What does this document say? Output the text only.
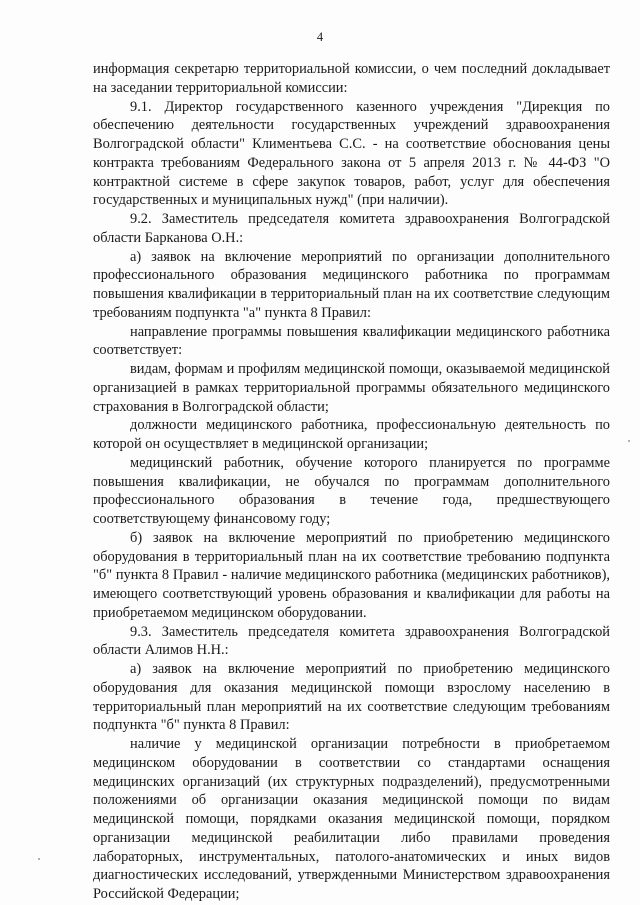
4

информация секретарю территориальной комиссии, о чем последний докладывает на заседании территориальной комиссии:

9.1. Директор государственного казенного учреждения "Дирекция по обеспечению деятельности государственных учреждений здравоохранения Волгоградской области" Климентьева С.С. - на соответствие обоснования цены контракта требованиям Федерального закона от 5 апреля 2013 г. № 44-ФЗ "О контрактной системе в сфере закупок товаров, работ, услуг для обеспечения государственных и муниципальных нужд" (при наличии).

9.2. Заместитель председателя комитета здравоохранения Волгоградской области Барканова О.Н.:

а) заявок на включение мероприятий по организации дополнительного профессионального образования медицинского работника по программам повышения квалификации в территориальный план на их соответствие следующим требованиям подпункта "а" пункта 8 Правил:

направление программы повышения квалификации медицинского работника соответствует:

видам, формам и профилям медицинской помощи, оказываемой медицинской организацией в рамках территориальной программы обязательного медицинского страхования в Волгоградской области;

должности медицинского работника, профессиональную деятельность по которой он осуществляет в медицинской организации;

медицинский работник, обучение которого планируется по программе повышения квалификации, не обучался по программам дополнительного профессионального образования в течение года, предшествующего соответствующему финансовому году;

б) заявок на включение мероприятий по приобретению медицинского оборудования в территориальный план на их соответствие требованию подпункта "б" пункта 8 Правил - наличие медицинского работника (медицинских работников), имеющего соответствующий уровень образования и квалификации для работы на приобретаемом медицинском оборудовании.

9.3. Заместитель председателя комитета здравоохранения Волгоградской области Алимов Н.Н.:

а) заявок на включение мероприятий по приобретению медицинского оборудования для оказания медицинской помощи взрослому населению в территориальный план мероприятий на их соответствие следующим требованиям подпункта "б" пункта 8 Правил:

наличие у медицинской организации потребности в приобретаемом медицинском оборудовании в соответствии со стандартами оснащения медицинских организаций (их структурных подразделений), предусмотренными положениями об организации оказания медицинской помощи по видам медицинской помощи, порядками оказания медицинской помощи, порядком организации медицинской реабилитации либо правилами проведения лабораторных, инструментальных, патолого-анатомических и иных видов диагностических исследований, утвержденными Министерством здравоохранения Российской Федерации;
